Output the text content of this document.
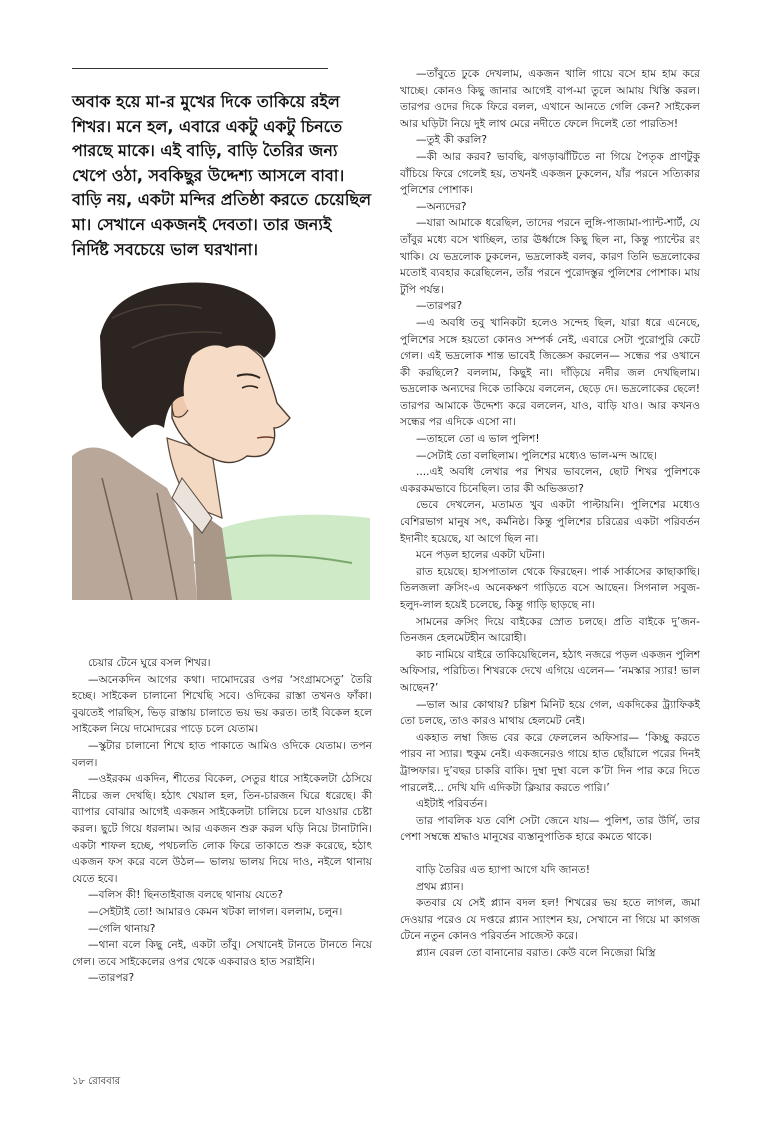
অবাক হয়ে মা-র মুখের দিকে তাকিয়ে রইল শিখর। মনে হল, এবারে একটু একটু চিনতে পারছে মাকে। এই বাড়ি, বাড়ি তৈরির জন্য খেপে ওঠা, সবকিছুর উদ্দেশ্য আসলে বাবা। বাড়ি নয়, একটা মন্দির প্রতিষ্ঠা করতে চেয়েছিল মা। সেখানে একজনই দেবতা। তার জন্যই নির্দিষ্ট সবচেয়ে ভাল ঘরখানা।

চেয়ার টেনে ঘুরে বসল শিখর।

—অনেকদিন আগের কথা। দামোদরের ওপর ‘সংগ্রামসেতু’ তৈরি হচ্ছে। সাইকেল চালানো শিখেছি সবে। ওদিকের রাস্তা তখনও ফাঁকা। বুঝতেই পারছিস, ভিড় রাস্তায় চালাতে ভয় ভয় করত। তাই বিকেল হলে সাইকেল নিয়ে দামোদরের পাড়ে চলে যেতাম।

—স্কুটার চালানো শিখে হাত পাকাতে আমিও ওদিকে যেতাম। তপন বলল।

—ওইরকম একদিন, শীতের বিকেল, সেতুর ধারে সাইকেলটা ঠেসিয়ে নীচের জল দেখছি। হঠাৎ খেয়াল হল, তিন-চারজন ঘিরে ধরেছে। কী ব্যাপার বোঝার আগেই একজন সাইকেলটা চালিয়ে চলে যাওয়ার চেষ্টা করল। ছুটে গিয়ে ধরলাম। আর একজন শুরু করল ঘড়ি নিয়ে টানাটানি। একটা শাফল হচ্ছে, পথচলতি লোক ফিরে তাকাতে শুরু করেছে, হঠাৎ একজন ফস করে বলে উঠল— ভালয় ভালয় দিয়ে দাও, নইলে থানায় যেতে হবে।

—বলিস কী! ছিনতাইবাজ বলছে থানায় যেতে?

—সেইটাই তো! আমারও কেমন খটকা লাগল। বললাম, চলুন।

—গেলি থানায়?

—থানা বলে কিছু নেই, একটা তাঁবু। সেখানেই টানতে টানতে নিয়ে গেল। তবে সাইকেলের ওপর থেকে একবারও হাত সরাইনি।

—তারপর?

—তাঁবুতে ঢুকে দেখলাম, একজন খালি গায়ে বসে হাম হাম করে খাচ্ছে। কোনও কিছু জানার আগেই বাপ-মা তুলে আমায় খিস্তি করল। তারপর ওদের দিকে ফিরে বলল, এখানে আনতে গেলি কেন? সাইকেল আর ঘড়িটা নিয়ে দুই লাথ মেরে নদীতে ফেলে দিলেই তো পারতিস!

—তুই কী করলি?

—কী আর করব? ভাবছি, ঝগড়াঝাঁটিতে না গিয়ে পৈতৃক প্রাণটুকু বাঁচিয়ে ফিরে গেলেই হয়, তখনই একজন ঢুকলেন, যাঁর পরনে সত্যিকার পুলিশের পোশাক।

—অন্যদের?

—যারা আমাকে ধরেছিল, তাদের পরনে লুঙ্গি-পাজামা-প্যান্ট-শার্ট, যে তাঁবুর মধ্যে বসে খাচ্ছিল, তার ঊর্ধ্বাঙ্গে কিছু ছিল না, কিন্তু প্যান্টের রং খাকি। যে ভদ্রলোক ঢুকলেন, ভদ্রলোকই বলব, কারণ তিনি ভদ্রলোকের মতোই ব্যবহার করেছিলেন, তাঁর পরনে পুরোদস্তুর পুলিশের পোশাক। মায় টুপি পর্যন্ত।

—তারপর?

—এ অবধি তবু খানিকটা হলেও সন্দেহ ছিল, যারা ধরে এনেছে, পুলিশের সঙ্গে হয়তো কোনও সম্পর্ক নেই, এবারে সেটা পুরোপুরি কেটে গেল। এই ভদ্রলোক শান্ত ভাবেই জিজ্ঞেস করলেন— সন্ধের পর ওখানে কী করছিলে? বললাম, কিছুই না। দাঁড়িয়ে নদীর জল দেখছিলাম। ভদ্রলোক অন্যদের দিকে তাকিয়ে বললেন, ছেড়ে দে। ভদ্রলোকের ছেলে! তারপর আমাকে উদ্দেশ্য করে বললেন, যাও, বাড়ি যাও। আর কখনও সন্ধের পর এদিকে এসো না।

—তাহলে তো এ ভাল পুলিশ!

—সেটাই তো বলছিলাম। পুলিশের মধ্যেও ভাল-মন্দ আছে।

....এই অবধি লেখার পর শিখর ভাবলেন, ছোট শিখর পুলিশকে একরকমভাবে চিনেছিল। তার কী অভিজ্ঞতা?

ভেবে দেখলেন, মতামত খুব একটা পাল্টায়নি। পুলিশের মধ্যেও বেশিরভাগ মানুষ সৎ, কর্মনিষ্ঠ। কিন্তু পুলিশের চরিত্রের একটা পরিবর্তন ইদানীং হয়েছে, যা আগে ছিল না।

মনে পড়ল হালের একটা ঘটনা।

রাত হয়েছে। হাসপাতাল থেকে ফিরছেন। পার্ক সার্কাসের কাছাকাছি। তিলজলা ক্রসিং-এ অনেকক্ষণ গাড়িতে বসে আছেন। সিগনাল সবুজ-হলুদ-লাল হয়েই চলেছে, কিন্তু গাড়ি ছাড়ছে না।

সামনের ক্রসিং দিয়ে বাইকের স্রোত চলছে। প্রতি বাইকে দু’জন-তিনজন হেলমেটহীন আরোহী।

কাচ নামিয়ে বাইরে তাকিয়েছিলেন, হঠাৎ নজরে পড়ল একজন পুলিশ অফিসার, পরিচিত। শিখরকে দেখে এগিয়ে এলেন— ‘নমস্কার স্যার! ভাল আছেন?’

—ভাল আর কোথায়? চল্লিশ মিনিট হয়ে গেল, একদিকের ট্র্যাফিকই তো চলছে, তাও কারও মাথায় হেলমেট নেই।

একহাত লম্বা জিভ বের করে ফেললেন অফিসার— ‘কিচ্ছু করতে পারব না স্যার। হুকুম নেই। একজনেরও গায়ে হাত ছোঁয়ালে পরের দিনই ট্রান্সফার। দু’বছর চাকরি বাকি। দুম্বা দুম্বা বলে ক’টা দিন পার করে দিতে পারলেই... দেখি যদি এদিকটা ক্লিয়ার করতে পারি।’

এইটাই পরিবর্তন।

তার পাবলিক যত বেশি সেটা জেনে যায়— পুলিশ, তার উর্দি, তার পেশা সম্বন্ধে শ্রদ্ধাও মানুষের ব্যস্তানুপাতিক হারে কমতে থাকে।

বাড়ি তৈরির এত হ্যাপা আগে যদি জানত!

প্রথম প্ল্যান।

কতবার যে সেই প্ল্যান বদল হল! শিখরের ভয় হতে লাগল, জমা দেওয়ার পরেও যে দপ্তরে প্ল্যান স্যাংশন হয়, সেখানে না গিয়ে মা কাগজ টেনে নতুন কোনও পরিবর্তন সাজেস্ট করে।

প্ল্যান বেরল তো বানানোর বরাত। কেউ বলে নিজেরা মিস্ত্রি

১৮ রোববার
